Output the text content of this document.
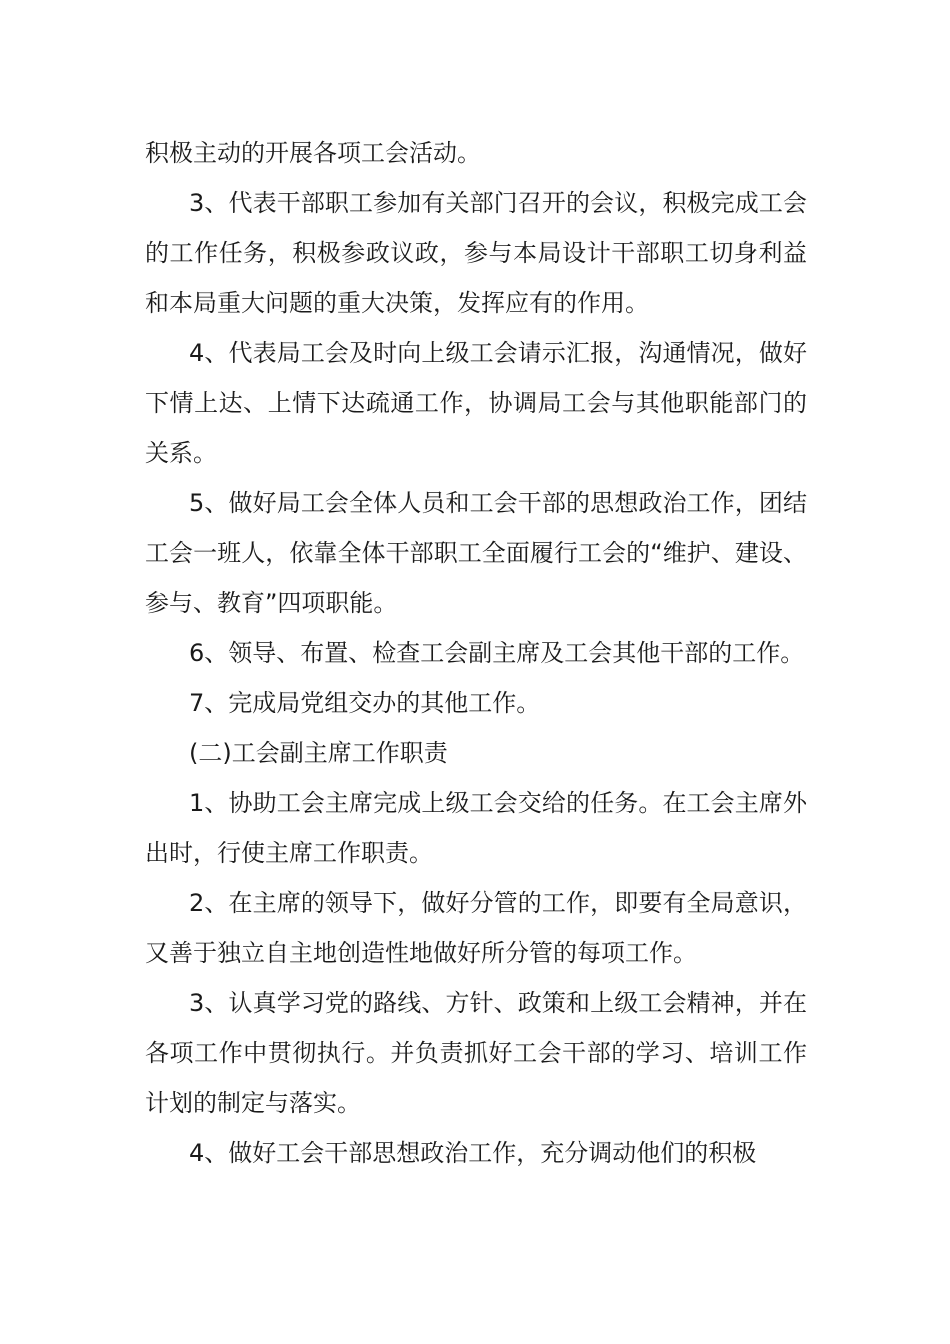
积极主动的开展各项工会活动。

3、代表干部职工参加有关部门召开的会议，积极完成工会的工作任务，积极参政议政，参与本局设计干部职工切身利益和本局重大问题的重大决策，发挥应有的作用。

4、代表局工会及时向上级工会请示汇报，沟通情况，做好下情上达、上情下达疏通工作，协调局工会与其他职能部门的关系。

5、做好局工会全体人员和工会干部的思想政治工作，团结工会一班人，依靠全体干部职工全面履行工会的“维护、建设、参与、教育”四项职能。

6、领导、布置、检查工会副主席及工会其他干部的工作。

7、完成局党组交办的其他工作。

(二)工会副主席工作职责

1、协助工会主席完成上级工会交给的任务。在工会主席外出时，行使主席工作职责。

2、在主席的领导下，做好分管的工作，即要有全局意识，又善于独立自主地创造性地做好所分管的每项工作。

3、认真学习党的路线、方针、政策和上级工会精神，并在各项工作中贯彻执行。并负责抓好工会干部的学习、培训工作计划的制定与落实。

4、做好工会干部思想政治工作，充分调动他们的积极
